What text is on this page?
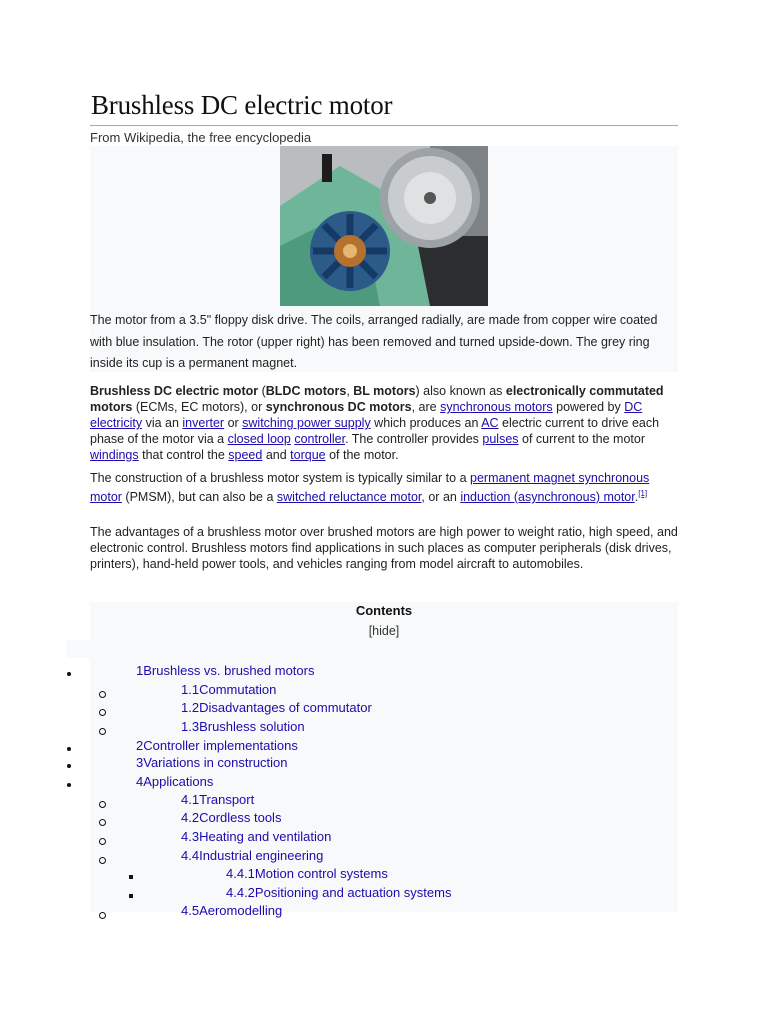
Brushless DC electric motor
From Wikipedia, the free encyclopedia
The motor from a 3.5" floppy disk drive. The coils, arranged radially, are made from copper wire coated with blue insulation. The rotor (upper right) has been removed and turned upside-down. The grey ring inside its cup is a permanent magnet.

Brushless DC electric motor (BLDC motors, BL motors) also known as electronically commutated motors (ECMs, EC motors), or synchronous DC motors, are synchronous motors powered by DC electricity via an inverter or switching power supply which produces an AC electric current to drive each phase of the motor via a closed loop controller. The controller provides pulses of current to the motor windings that control the speed and torque of the motor.

The construction of a brushless motor system is typically similar to a permanent magnet synchronous motor (PMSM), but can also be a switched reluctance motor, or an induction (asynchronous) motor.[1]

The advantages of a brushless motor over brushed motors are high power to weight ratio, high speed, and electronic control. Brushless motors find applications in such places as computer peripherals (disk drives, printers), hand-held power tools, and vehicles ranging from model aircraft to automobiles.

Contents
[hide]
1Brushless vs. brushed motors
1.1Commutation
1.2Disadvantages of commutator
1.3Brushless solution
2Controller implementations
3Variations in construction
4Applications
4.1Transport
4.2Cordless tools
4.3Heating and ventilation
4.4Industrial engineering
4.4.1Motion control systems
4.4.2Positioning and actuation systems
4.5Aeromodelling
